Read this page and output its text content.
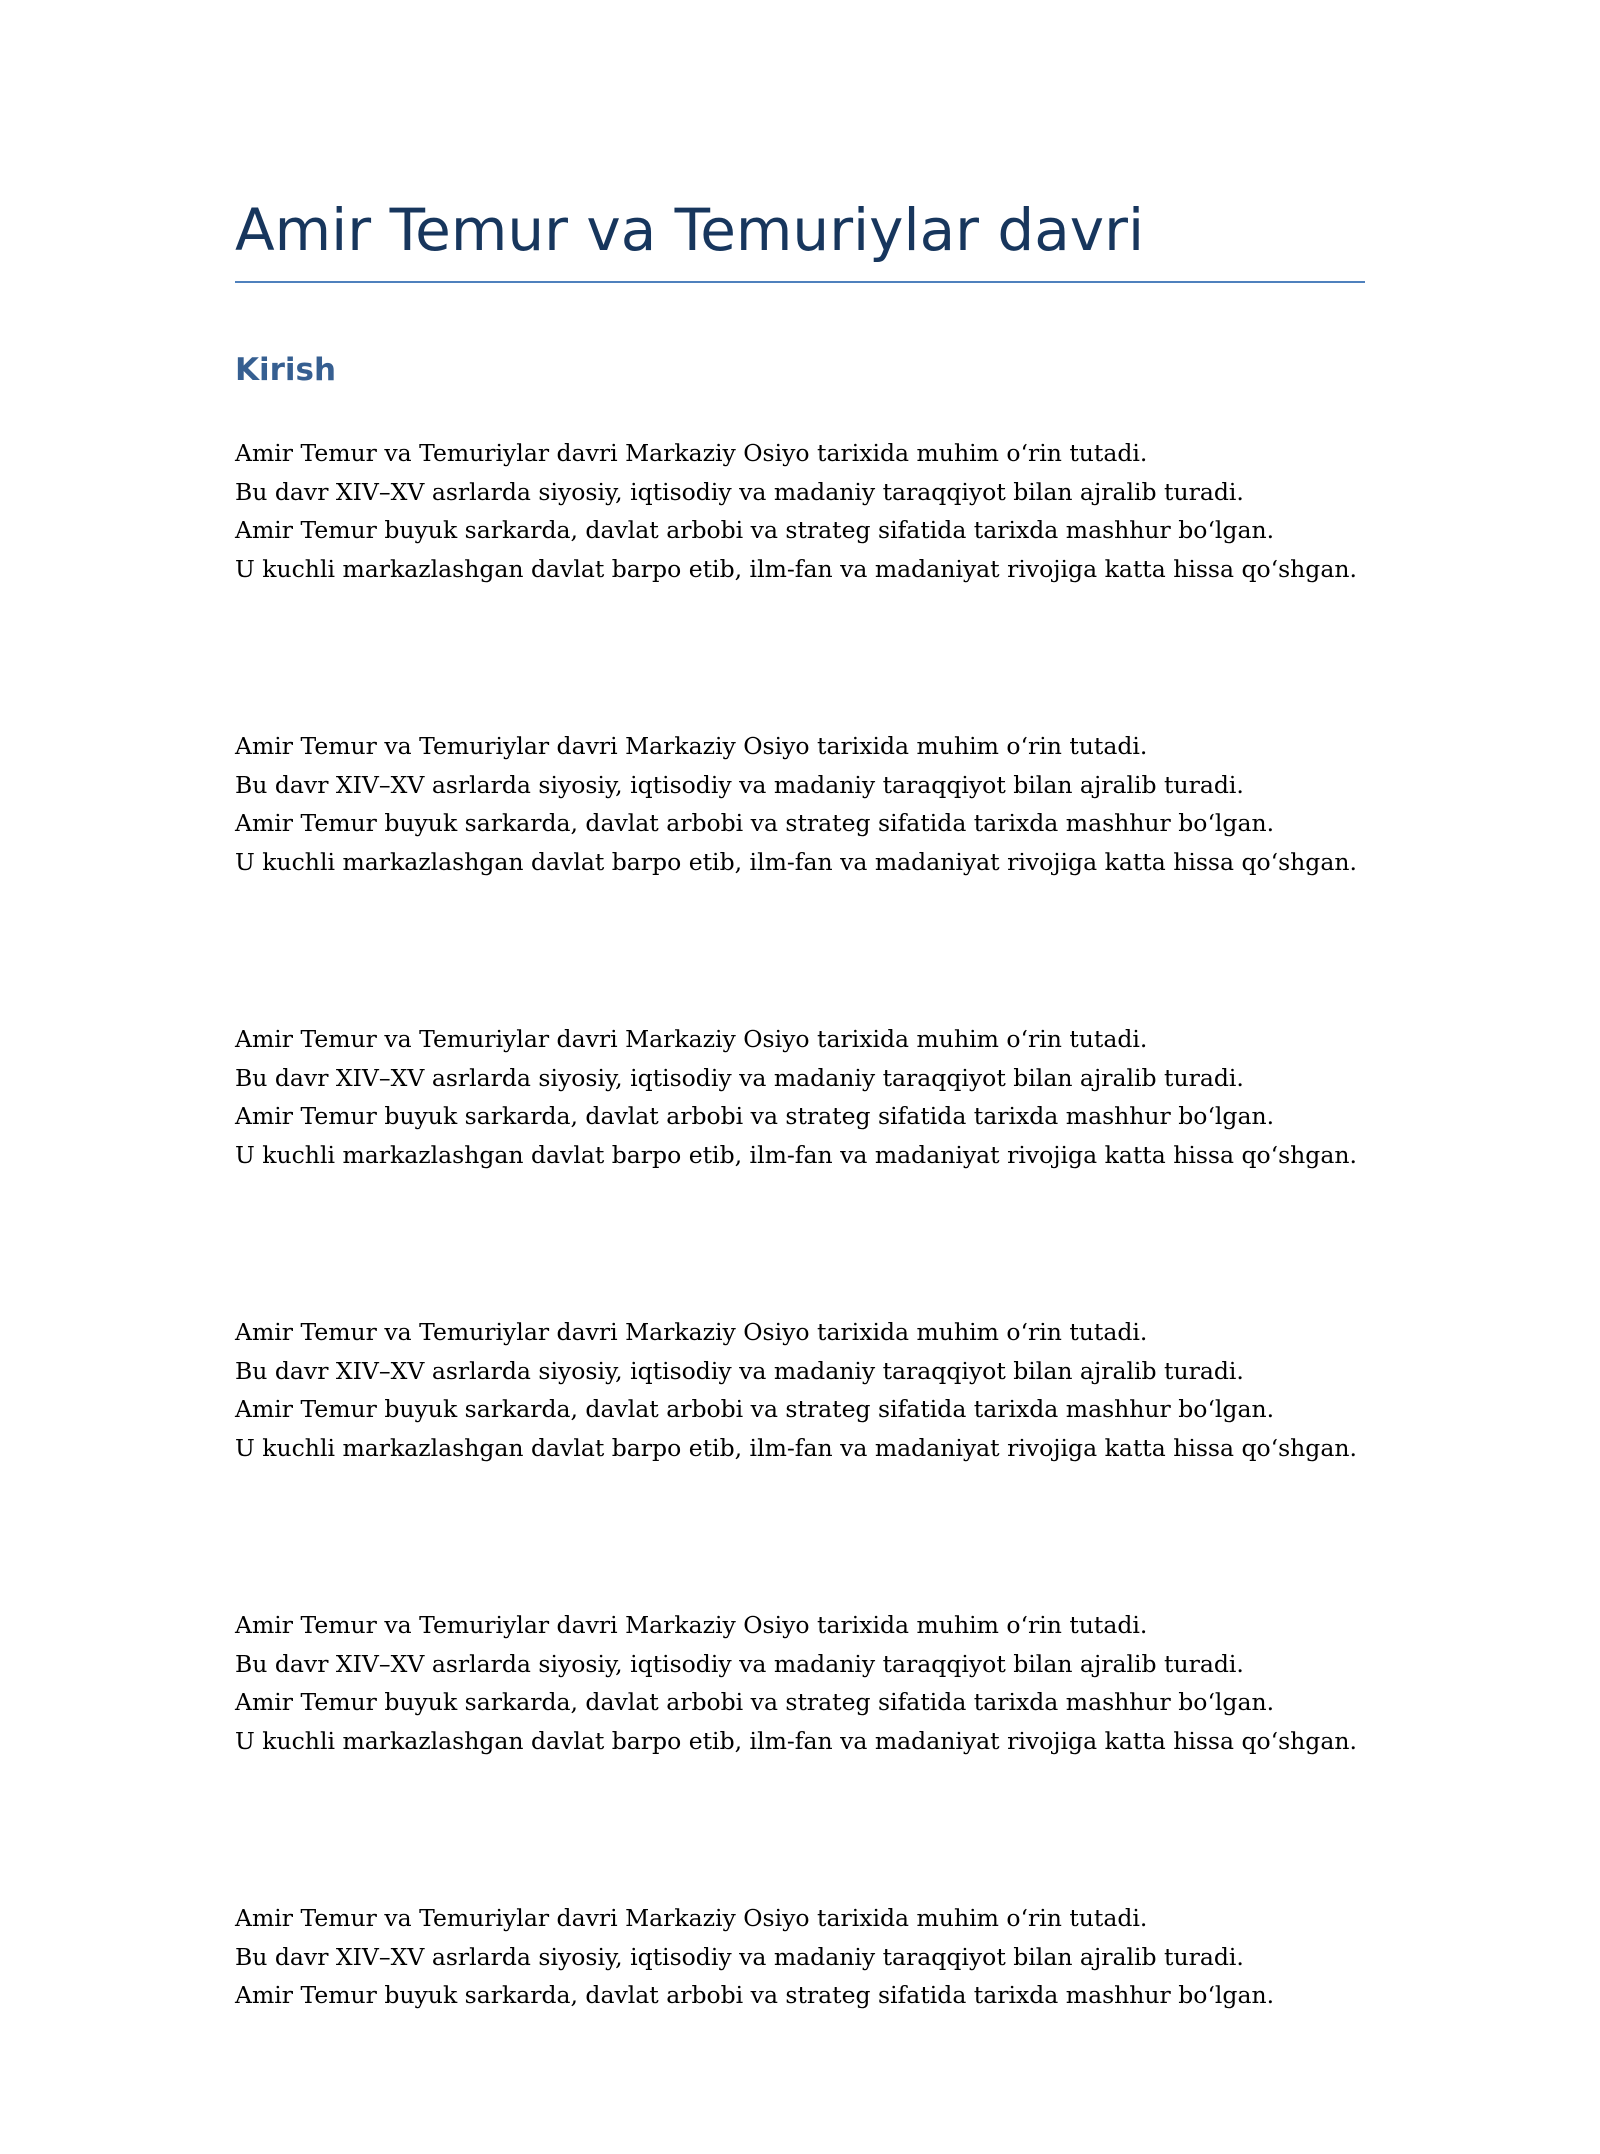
Amir Temur va Temuriylar davri
Kirish

Amir Temur va Temuriylar davri Markaziy Osiyo tarixida muhim oʻrin tutadi.
Bu davr XIV–XV asrlarda siyosiy, iqtisodiy va madaniy taraqqiyot bilan ajralib turadi.
Amir Temur buyuk sarkarda, davlat arbobi va strateg sifatida tarixda mashhur boʻlgan.
U kuchli markazlashgan davlat barpo etib, ilm-fan va madaniyat rivojiga katta hissa qoʻshgan.

Amir Temur va Temuriylar davri Markaziy Osiyo tarixida muhim oʻrin tutadi.
Bu davr XIV–XV asrlarda siyosiy, iqtisodiy va madaniy taraqqiyot bilan ajralib turadi.
Amir Temur buyuk sarkarda, davlat arbobi va strateg sifatida tarixda mashhur boʻlgan.
U kuchli markazlashgan davlat barpo etib, ilm-fan va madaniyat rivojiga katta hissa qoʻshgan.

Amir Temur va Temuriylar davri Markaziy Osiyo tarixida muhim oʻrin tutadi.
Bu davr XIV–XV asrlarda siyosiy, iqtisodiy va madaniy taraqqiyot bilan ajralib turadi.
Amir Temur buyuk sarkarda, davlat arbobi va strateg sifatida tarixda mashhur boʻlgan.
U kuchli markazlashgan davlat barpo etib, ilm-fan va madaniyat rivojiga katta hissa qoʻshgan.

Amir Temur va Temuriylar davri Markaziy Osiyo tarixida muhim oʻrin tutadi.
Bu davr XIV–XV asrlarda siyosiy, iqtisodiy va madaniy taraqqiyot bilan ajralib turadi.
Amir Temur buyuk sarkarda, davlat arbobi va strateg sifatida tarixda mashhur boʻlgan.
U kuchli markazlashgan davlat barpo etib, ilm-fan va madaniyat rivojiga katta hissa qoʻshgan.

Amir Temur va Temuriylar davri Markaziy Osiyo tarixida muhim oʻrin tutadi.
Bu davr XIV–XV asrlarda siyosiy, iqtisodiy va madaniy taraqqiyot bilan ajralib turadi.
Amir Temur buyuk sarkarda, davlat arbobi va strateg sifatida tarixda mashhur boʻlgan.
U kuchli markazlashgan davlat barpo etib, ilm-fan va madaniyat rivojiga katta hissa qoʻshgan.

Amir Temur va Temuriylar davri Markaziy Osiyo tarixida muhim oʻrin tutadi.
Bu davr XIV–XV asrlarda siyosiy, iqtisodiy va madaniy taraqqiyot bilan ajralib turadi.
Amir Temur buyuk sarkarda, davlat arbobi va strateg sifatida tarixda mashhur boʻlgan.
